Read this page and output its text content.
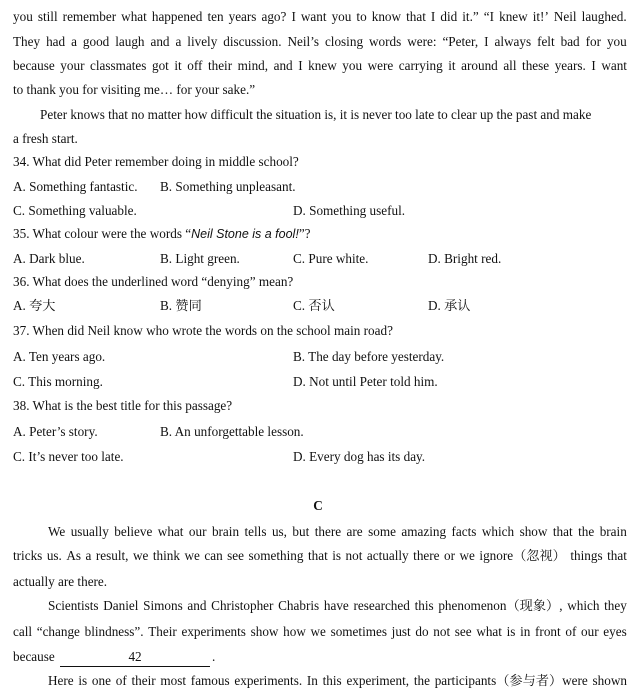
you still remember what happened ten years ago? I want you to know that I did it.” “I knew it!’ Neil laughed.
They had a good laugh and a lively discussion. Neil’s closing words were: “Peter, I always felt bad for you
because your classmates got it off their mind, and I knew you were carrying it around all these years. I want
to thank you for visiting me… for your sake.”
Peter knows that no matter how difficult the situation is, it is never too late to clear up the past and make
a fresh start.
34. What did Peter remember doing in middle school?
A. Something fantastic. B. Something unpleasant.
C. Something valuable.	D. Something useful.
35. What colour were the words “Neil Stone is a fool!”?
A. Dark blue.	B. Light green.	C. Pure white.	D. Bright red.
36. What does the underlined word “denying” mean?
A. 夸大	B. 赞同	C. 否认	D. 承认
37. When did Neil know who wrote the words on the school main road?
A. Ten years ago.	B. The day before yesterday.
C. This morning.	D. Not until Peter told him.
38. What is the best title for this passage?
A. Peter’s story.	B. An unforgettable lesson.
C. It’s never too late.	D. Every dog has its day.
C
We usually believe what our brain tells us, but there are some amazing facts which show that the brain
tricks us. As a result, we think we can see something that is not actually there or we ignore（忽视） things that
actually are there.
Scientists Daniel Simons and Christopher Chabris have researched this phenomenon（现象）, which they
call “change blindness”. Their experiments show how we sometimes just do not see what is in front of our eyes
because	42	.
Here is one of their most famous experiments. In this experiment, the participants（参与者）were shown
